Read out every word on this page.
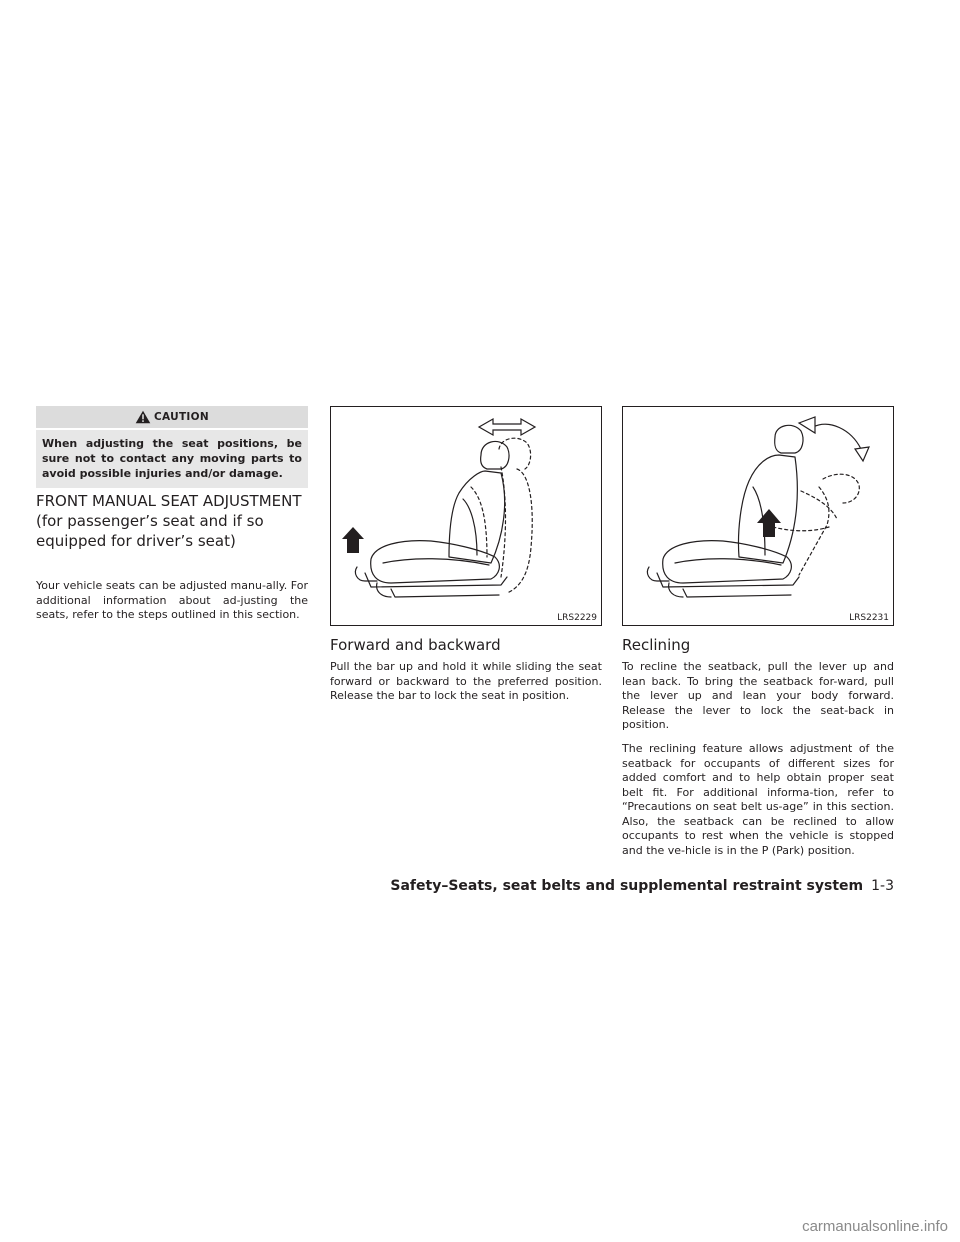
CAUTION
When adjusting the seat positions, be sure not to contact any moving parts to avoid possible injuries and/or damage.
FRONT MANUAL SEAT ADJUSTMENT (for passenger’s seat and if so equipped for driver’s seat)

Your vehicle seats can be adjusted manu-ally. For additional information about ad-justing the seats, refer to the steps outlined in this section.	LRS2229	LRS2231
Forward and backward

Pull the bar up and hold it while sliding the seat forward or backward to the preferred position. Release the bar to lock the seat in position.

Reclining

To recline the seatback, pull the lever up and lean back. To bring the seatback for-ward, pull the lever up and lean your body forward. Release the lever to lock the seat-back in position.

The reclining feature allows adjustment of the seatback for occupants of different sizes for added comfort and to help obtain proper seat belt fit. For additional informa-tion, refer to “Precautions on seat belt us-age” in this section. Also, the seatback can be reclined to allow occupants to rest when the vehicle is stopped and the ve-hicle is in the P (Park) position.

Safety–Seats, seat belts and supplemental restraint system 1-3
carmanualsonline.info
